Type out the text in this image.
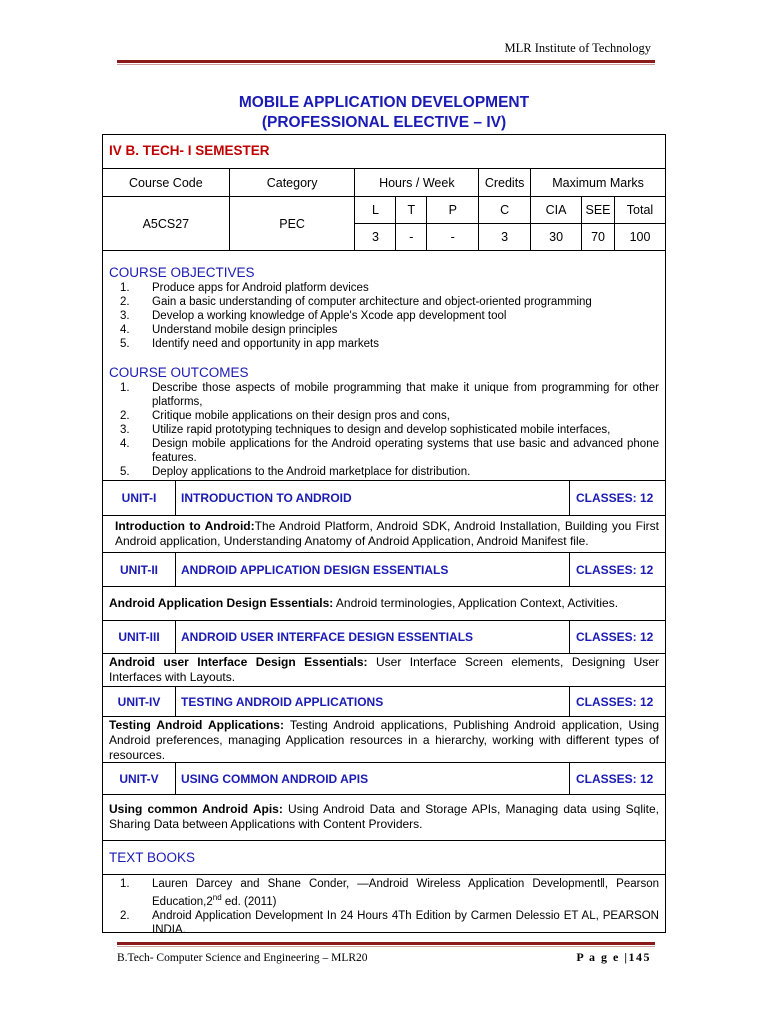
MLR Institute of Technology
MOBILE APPLICATION DEVELOPMENT
(PROFESSIONAL ELECTIVE – IV)
IV B. TECH- I SEMESTER
Course Code	Category	Hours / Week			Credits	Maximum Marks		
A5CS27	PEC	L	T	P	C	CIA	SEE	Total
		3	-	-	3	30	70	100
COURSE OBJECTIVES
1. Produce apps for Android platform devices
2. Gain a basic understanding of computer architecture and object-oriented programming
3. Develop a working knowledge of Apple's Xcode app development tool
4. Understand mobile design principles
5. Identify need and opportunity in app markets
COURSE OUTCOMES
1. Describe those aspects of mobile programming that make it unique from programming for other platforms,
2. Critique mobile applications on their design pros and cons,
3. Utilize rapid prototyping techniques to design and develop sophisticated mobile interfaces,
4. Design mobile applications for the Android operating systems that use basic and advanced phone features.
5. Deploy applications to the Android marketplace for distribution.
UNIT-I	INTRODUCTION TO ANDROID	CLASSES: 12

Introduction to Android:The Android Platform, Android SDK, Android Installation, Building you First Android application, Understanding Anatomy of Android Application, Android Manifest file.

UNIT-II	ANDROID APPLICATION DESIGN ESSENTIALS	CLASSES: 12

Android Application Design Essentials: Android terminologies, Application Context, Activities.

UNIT-III	ANDROID USER INTERFACE DESIGN ESSENTIALS	CLASSES: 12

Android user Interface Design Essentials: User Interface Screen elements, Designing User Interfaces with Layouts.

UNIT-IV	TESTING ANDROID APPLICATIONS	CLASSES: 12

Testing Android Applications: Testing Android applications, Publishing Android application, Using Android preferences, managing Application resources in a hierarchy, working with different types of resources.

UNIT-V	USING COMMON ANDROID APIS	CLASSES: 12

Using common Android Apis: Using Android Data and Storage APIs, Managing data using Sqlite, Sharing Data between Applications with Content Providers.

TEXT BOOKS
1. Lauren Darcey and Shane Conder, ―Android Wireless Application Development‖, Pearson Education,2nd ed. (2011)
2. Android Application Development In 24 Hours 4Th Edition by Carmen Delessio ET AL, PEARSON INDIA.
B.Tech- Computer Science and Engineering – MLR20	P a g e |145
